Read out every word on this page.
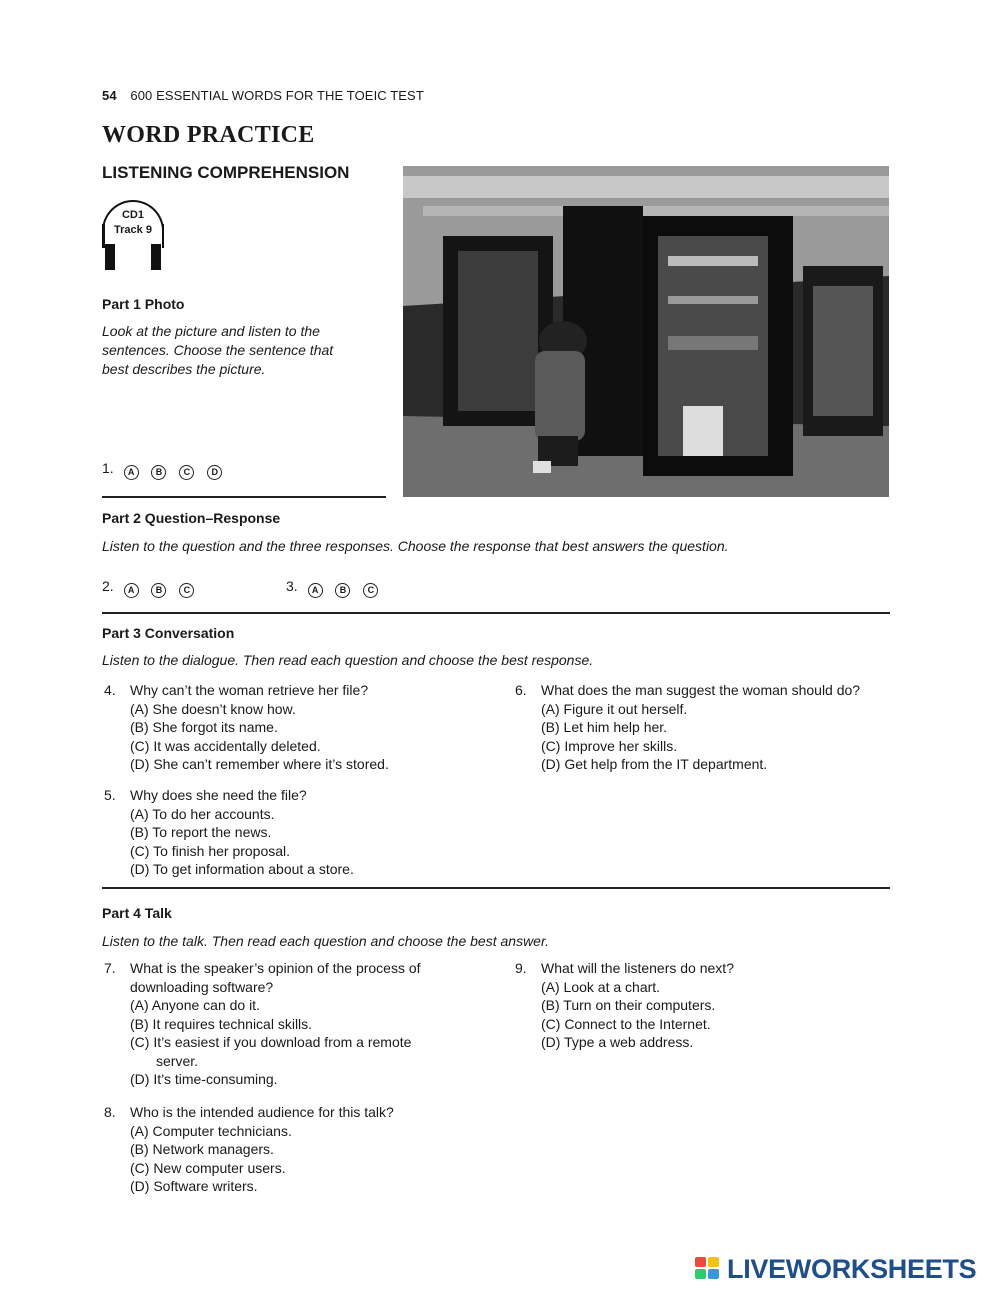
54 600 ESSENTIAL WORDS FOR THE TOEIC TEST
WORD PRACTICE
LISTENING COMPREHENSION
CD1
Track 9
Part 1 Photo
Look at the picture and listen to the sentences. Choose the sentence that best describes the picture.
1. A B C D
Part 2 Question–Response
Listen to the question and the three responses. Choose the response that best answers the question.
2. A B C	3. A B C
Part 3 Conversation
Listen to the dialogue. Then read each question and choose the best response.
4. Why can’t the woman retrieve her file?
(A) She doesn’t know how.
(B) She forgot its name.
(C) It was accidentally deleted.
(D) She can’t remember where it’s stored.
5. Why does she need the file?
(A) To do her accounts.
(B) To report the news.
(C) To finish her proposal.
(D) To get information about a store.
6.	What does the man suggest the woman should do?
(A) Figure it out herself.
(B) Let him help her.
(C) Improve her skills.
(D) Get help from the IT department.
Part 4 Talk
Listen to the talk. Then read each question and choose the best answer.
7.	What is the speaker’s opinion of the process of downloading software?
(A) Anyone can do it.
(B) It requires technical skills.
(C) It’s easiest if you download from a remote server.
(D) It’s time-consuming.
8. Who is the intended audience for this talk?
(A) Computer technicians.
(B) Network managers.
(C) New computer users.
(D) Software writers.
9. What will the listeners do next?
(A) Look at a chart.
(B) Turn on their computers.
(C) Connect to the Internet.
(D) Type a web address.
LIVEWORKSHEETS
